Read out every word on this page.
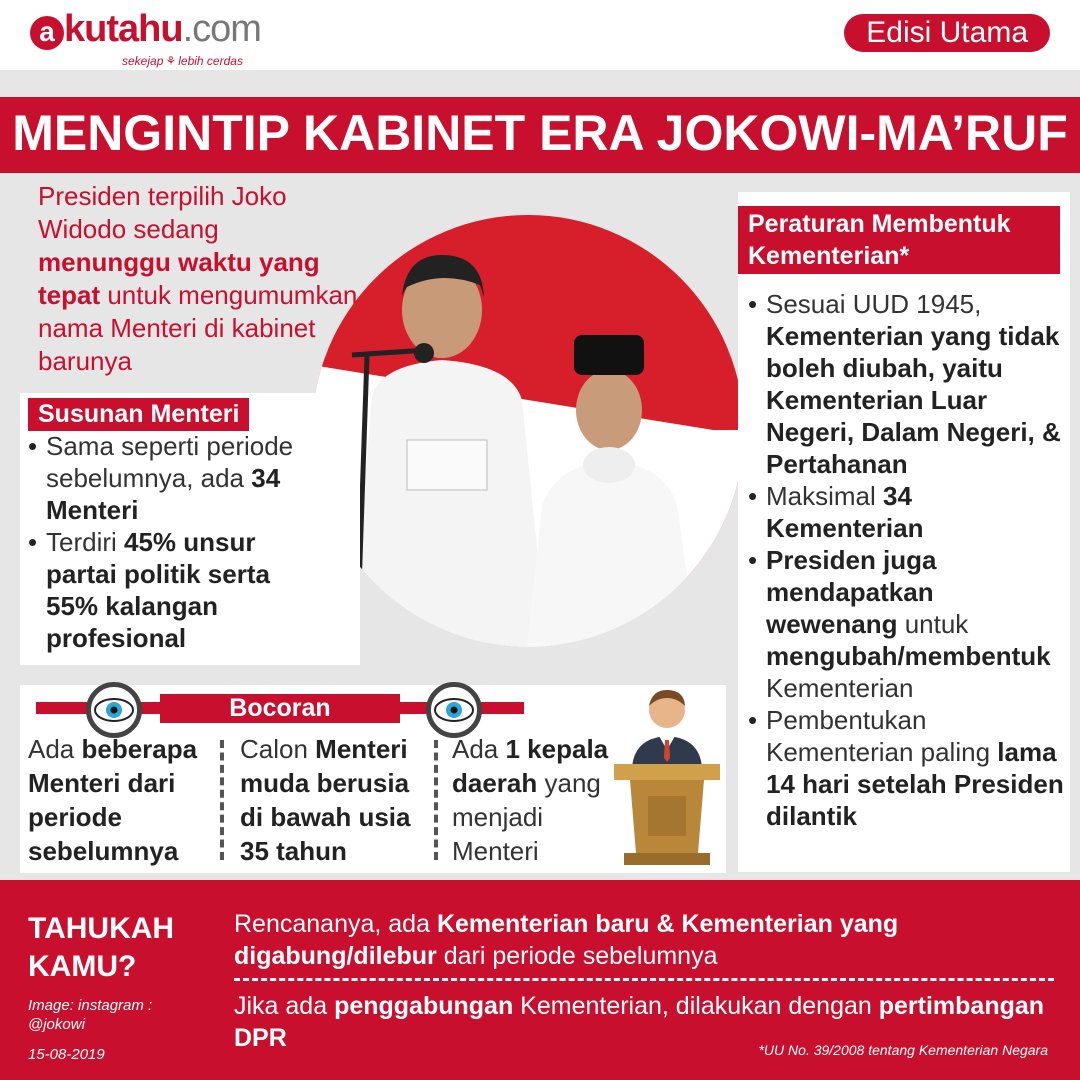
a kutahu.com
sekejap ⚘ lebih cerdas
Edisi Utama
MENGINTIP KABINET ERA JOKOWI-MA’RUF
Presiden terpilih Joko Widodo sedang menunggu waktu yang tepat untuk mengumumkan nama Menteri di kabinet barunya
Susunan Menteri
• Sama seperti periode sebelumnya, ada 34 Menteri
• Terdiri 45% unsur partai politik serta 55% kalangan profesional
Peraturan Membentuk Kementerian*
• Sesuai UUD 1945, Kementerian yang tidak boleh diubah, yaitu Kementerian Luar Negeri, Dalam Negeri, & Pertahanan
• Maksimal 34 Kementerian
• Presiden juga mendapatkan wewenang untuk mengubah/membentuk Kementerian
• Pembentukan Kementerian paling lama 14 hari setelah Presiden dilantik
Bocoran
Ada beberapa Menteri dari periode sebelumnya
Calon Menteri muda berusia di bawah usia 35 tahun
Ada 1 kepala daerah yang menjadi Menteri
TAHUKAH KAMU?
Image: instagram : @jokowi
15-08-2019
Rencananya, ada Kementerian baru & Kementerian yang digabung/dilebur dari periode sebelumnya
Jika ada penggabungan Kementerian, dilakukan dengan pertimbangan DPR	*UU No. 39/2008 tentang Kementerian Negara
